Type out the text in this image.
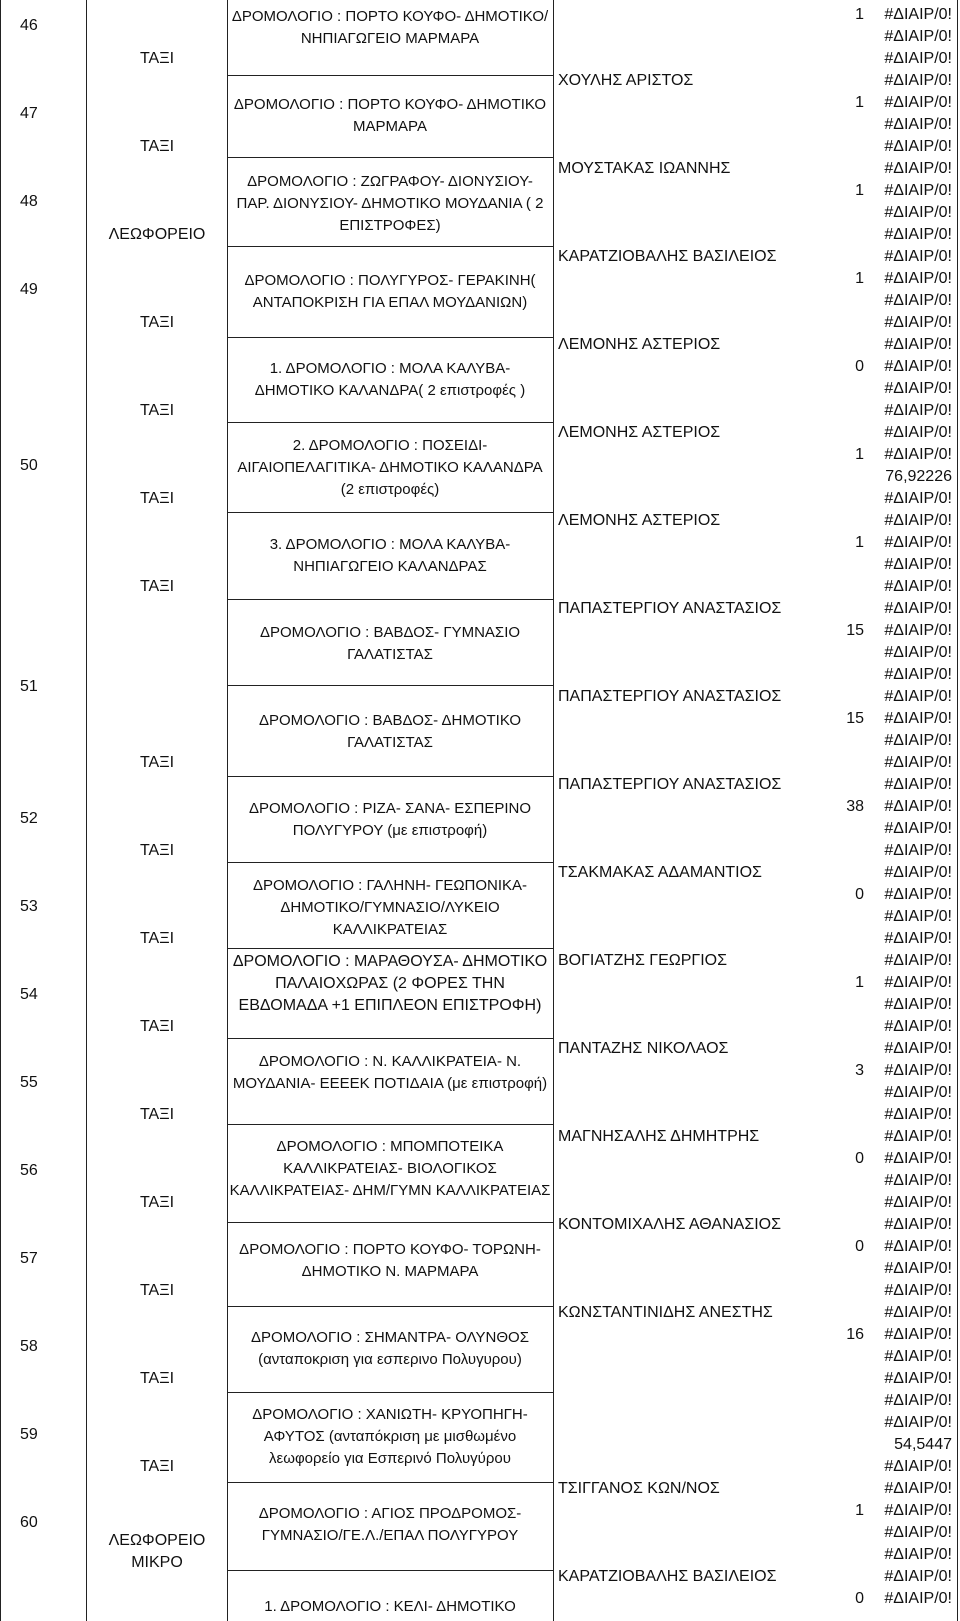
46
47
48
49
50
51
52
53
54
55
56
57
58
59
60
ΤΑΞΙ
ΤΑΞΙ
ΛΕΩΦΟΡΕΙΟ
ΤΑΞΙ
ΤΑΞΙ
ΤΑΞΙ
ΤΑΞΙ
ΤΑΞΙ
ΤΑΞΙ
ΤΑΞΙ
ΤΑΞΙ
ΤΑΞΙ
ΤΑΞΙ
ΤΑΞΙ
ΤΑΞΙ
ΤΑΞΙ
ΛΕΩΦΟΡΕΙΟ ΜΙΚΡΟ
ΔΡΟΜΟΛΟΓΙΟ : ΠΟΡΤΟ ΚΟΥΦΟ- ΔΗΜΟΤΙΚΟ/ΝΗΠΙΑΓΩΓΕΙΟ ΜΑΡΜΑΡΑ
ΔΡΟΜΟΛΟΓΙΟ : ΠΟΡΤΟ ΚΟΥΦΟ- ΔΗΜΟΤΙΚΟ ΜΑΡΜΑΡΑ
ΔΡΟΜΟΛΟΓΙΟ : ΖΩΓΡΑΦΟΥ- ΔΙΟΝΥΣΙΟΥ- ΠΑΡ. ΔΙΟΝΥΣΙΟΥ- ΔΗΜΟΤΙΚΟ ΜΟΥΔΑΝΙΑ ( 2 ΕΠΙΣΤΡΟΦΕΣ)
ΔΡΟΜΟΛΟΓΙΟ : ΠΟΛΥΓΥΡΟΣ- ΓΕΡΑΚΙΝΗ( ΑΝΤΑΠΟΚΡΙΣΗ ΓΙΑ ΕΠΑΛ ΜΟΥΔΑΝΙΩΝ)
1. ΔΡΟΜΟΛΟΓΙΟ : ΜΟΛΑ ΚΑΛΥΒΑ- ΔΗΜΟΤΙΚΟ ΚΑΛΑΝΔΡΑ( 2 επιστροφές )
2. ΔΡΟΜΟΛΟΓΙΟ : ΠΟΣΕΙΔΙ- ΑΙΓΑΙΟΠΕΛΑΓΙΤΙΚΑ- ΔΗΜΟΤΙΚΟ ΚΑΛΑΝΔΡΑ (2 επιστροφές)
3. ΔΡΟΜΟΛΟΓΙΟ : ΜΟΛΑ ΚΑΛΥΒΑ- ΝΗΠΙΑΓΩΓΕΙΟ ΚΑΛΑΝΔΡΑΣ
ΔΡΟΜΟΛΟΓΙΟ : ΒΑΒΔΟΣ- ΓΥΜΝΑΣΙΟ ΓΑΛΑΤΙΣΤΑΣ
ΔΡΟΜΟΛΟΓΙΟ : ΒΑΒΔΟΣ- ΔΗΜΟΤΙΚΟ ΓΑΛΑΤΙΣΤΑΣ
ΔΡΟΜΟΛΟΓΙΟ : ΡΙΖΑ- ΣΑΝΑ- ΕΣΠΕΡΙΝΟ ΠΟΛΥΓΥΡΟΥ (με επιστροφή)
ΔΡΟΜΟΛΟΓΙΟ : ΓΑΛΗΝΗ- ΓΕΩΠΟΝΙΚΑ- ΔΗΜΟΤΙΚΟ/ΓΥΜΝΑΣΙΟ/ΛΥΚΕΙΟ ΚΑΛΛΙΚΡΑΤΕΙΑΣ
ΔΡΟΜΟΛΟΓΙΟ : ΜΑΡΑΘΟΥΣΑ- ΔΗΜΟΤΙΚΟ ΠΑΛΑΙΟΧΩΡΑΣ (2 ΦΟΡΕΣ ΤΗΝ ΕΒΔΟΜΑΔΑ +1 ΕΠΙΠΛΕΟΝ ΕΠΙΣΤΡΟΦΗ)
ΔΡΟΜΟΛΟΓΙΟ : Ν. ΚΑΛΛΙΚΡΑΤΕΙΑ- Ν. ΜΟΥΔΑΝΙΑ- ΕΕΕΕΚ ΠΟΤΙΔΑΙΑ (με επιστροφή)
ΔΡΟΜΟΛΟΓΙΟ : ΜΠΟΜΠΟΤΕΙΚΑ ΚΑΛΛΙΚΡΑΤΕΙΑΣ- ΒΙΟΛΟΓΙΚΟΣ ΚΑΛΛΙΚΡΑΤΕΙΑΣ- ΔΗΜ/ΓΥΜΝ ΚΑΛΛΙΚΡΑΤΕΙΑΣ
ΔΡΟΜΟΛΟΓΙΟ : ΠΟΡΤΟ ΚΟΥΦΟ- ΤΟΡΩΝΗ- ΔΗΜΟΤΙΚΟ Ν. ΜΑΡΜΑΡΑ
ΔΡΟΜΟΛΟΓΙΟ : ΣΗΜΑΝΤΡΑ- ΟΛΥΝΘΟΣ (ανταποκριση για εσπερινο Πολυγυρου)
ΔΡΟΜΟΛΟΓΙΟ : ΧΑΝΙΩΤΗ- ΚΡΥΟΠΗΓΗ- ΑΦΥΤΟΣ (ανταπόκριση με μισθωμένο λεωφορείο για Εσπερινό Πολυγύρου
ΔΡΟΜΟΛΟΓΙΟ : ΑΓΙΟΣ ΠΡΟΔΡΟΜΟΣ- ΓΥΜΝΑΣΙΟ/ΓΕ.Λ./ΕΠΑΛ ΠΟΛΥΓΥΡΟΥ
1. ΔΡΟΜΟΛΟΓΙΟ : ΚΕΛΙ- ΔΗΜΟΤΙΚΟ
ΧΟΥΛΗΣ ΑΡΙΣΤΟΣ
ΜΟΥΣΤΑΚΑΣ ΙΩΑΝΝΗΣ
ΚΑΡΑΤΖΙΟΒΑΛΗΣ ΒΑΣΙΛΕΙΟΣ
ΛΕΜΟΝΗΣ ΑΣΤΕΡΙΟΣ
ΛΕΜΟΝΗΣ ΑΣΤΕΡΙΟΣ
ΛΕΜΟΝΗΣ ΑΣΤΕΡΙΟΣ
ΠΑΠΑΣΤΕΡΓΙΟΥ ΑΝΑΣΤΑΣΙΟΣ
ΠΑΠΑΣΤΕΡΓΙΟΥ ΑΝΑΣΤΑΣΙΟΣ
ΠΑΠΑΣΤΕΡΓΙΟΥ ΑΝΑΣΤΑΣΙΟΣ
ΤΣΑΚΜΑΚΑΣ ΑΔΑΜΑΝΤΙΟΣ
ΒΟΓΙΑΤΖΗΣ ΓΕΩΡΓΙΟΣ
ΠΑΝΤΑΖΗΣ ΝΙΚΟΛΑΟΣ
ΜΑΓΝΗΣΑΛΗΣ ΔΗΜΗΤΡΗΣ
ΚΟΝΤΟΜΙΧΑΛΗΣ ΑΘΑΝΑΣΙΟΣ
ΚΩΝΣΤΑΝΤΙΝΙΔΗΣ ΑΝΕΣΤΗΣ
ΤΣΙΓΓΑΝΟΣ ΚΩΝ/ΝΟΣ
ΚΑΡΑΤΖΙΟΒΑΛΗΣ ΒΑΣΙΛΕΙΟΣ
1
1
1
1
0
1
1
15
15
38
0
1
3
0
0
16
1
0
#ΔΙΑΙΡ/0!
#ΔΙΑΙΡ/0!
#ΔΙΑΙΡ/0!
#ΔΙΑΙΡ/0!
#ΔΙΑΙΡ/0!
#ΔΙΑΙΡ/0!
#ΔΙΑΙΡ/0!
#ΔΙΑΙΡ/0!
#ΔΙΑΙΡ/0!
#ΔΙΑΙΡ/0!
#ΔΙΑΙΡ/0!
#ΔΙΑΙΡ/0!
#ΔΙΑΙΡ/0!
#ΔΙΑΙΡ/0!
#ΔΙΑΙΡ/0!
#ΔΙΑΙΡ/0!
#ΔΙΑΙΡ/0!
#ΔΙΑΙΡ/0!
#ΔΙΑΙΡ/0!
#ΔΙΑΙΡ/0!
#ΔΙΑΙΡ/0!
76,92226
#ΔΙΑΙΡ/0!
#ΔΙΑΙΡ/0!
#ΔΙΑΙΡ/0!
#ΔΙΑΙΡ/0!
#ΔΙΑΙΡ/0!
#ΔΙΑΙΡ/0!
#ΔΙΑΙΡ/0!
#ΔΙΑΙΡ/0!
#ΔΙΑΙΡ/0!
#ΔΙΑΙΡ/0!
#ΔΙΑΙΡ/0!
#ΔΙΑΙΡ/0!
#ΔΙΑΙΡ/0!
#ΔΙΑΙΡ/0!
#ΔΙΑΙΡ/0!
#ΔΙΑΙΡ/0!
#ΔΙΑΙΡ/0!
#ΔΙΑΙΡ/0!
#ΔΙΑΙΡ/0!
#ΔΙΑΙΡ/0!
#ΔΙΑΙΡ/0!
#ΔΙΑΙΡ/0!
#ΔΙΑΙΡ/0!
#ΔΙΑΙΡ/0!
#ΔΙΑΙΡ/0!
#ΔΙΑΙΡ/0!
#ΔΙΑΙΡ/0!
#ΔΙΑΙΡ/0!
#ΔΙΑΙΡ/0!
#ΔΙΑΙΡ/0!
#ΔΙΑΙΡ/0!
#ΔΙΑΙΡ/0!
#ΔΙΑΙΡ/0!
#ΔΙΑΙΡ/0!
#ΔΙΑΙΡ/0!
#ΔΙΑΙΡ/0!
#ΔΙΑΙΡ/0!
#ΔΙΑΙΡ/0!
#ΔΙΑΙΡ/0!
#ΔΙΑΙΡ/0!
#ΔΙΑΙΡ/0!
#ΔΙΑΙΡ/0!
#ΔΙΑΙΡ/0!
54,5447
#ΔΙΑΙΡ/0!
#ΔΙΑΙΡ/0!
#ΔΙΑΙΡ/0!
#ΔΙΑΙΡ/0!
#ΔΙΑΙΡ/0!
#ΔΙΑΙΡ/0!
#ΔΙΑΙΡ/0!
